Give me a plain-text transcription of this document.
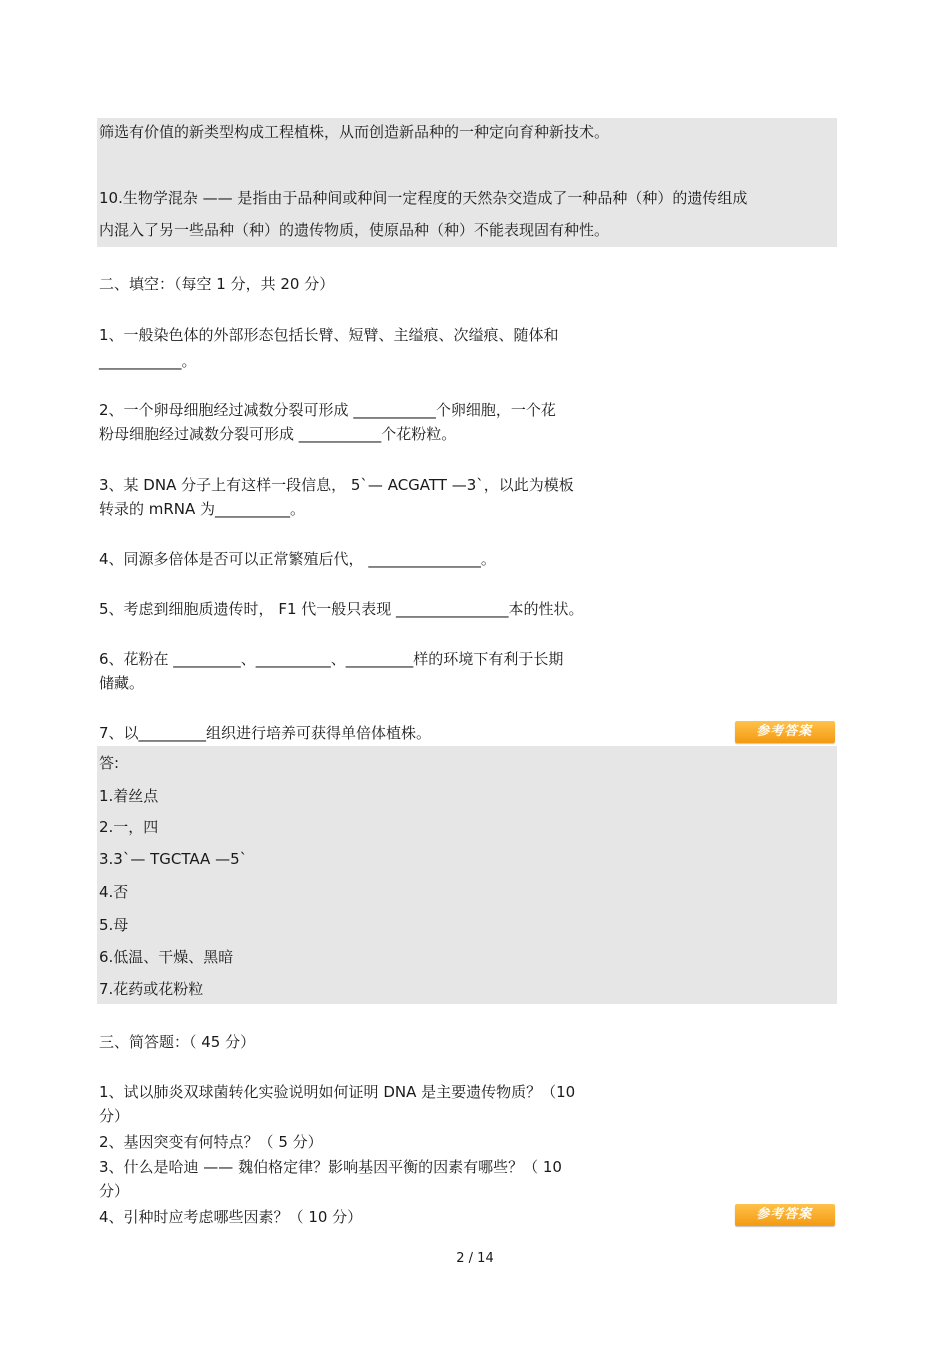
筛选有价值的新类型构成工程植株，从而创造新品种的一种定向育种新技术。
10.生物学混杂 —— 是指由于品种间或种间一定程度的天然杂交造成了一种品种（种）的遗传组成
内混入了另一些品种（种）的遗传物质，使原品种（种）不能表现固有种性。
二、填空：（每空 1 分，共 20 分）
1、一般染色体的外部形态包括长臂、短臂、主缢痕、次缢痕、随体和
___________。
2、一个卵母细胞经过减数分裂可形成 ___________个卵细胞，一个花
粉母细胞经过减数分裂可形成 ___________个花粉粒。
3、某 DNA 分子上有这样一段信息， 5`— ACGATT —3`，以此为模板
转录的 mRNA 为__________。
4、同源多倍体是否可以正常繁殖后代， _______________。
5、考虑到细胞质遗传时， F1 代一般只表现 _______________本的性状。
6、花粉在 _________、__________、_________样的环境下有利于长期
储藏。
7、以_________组织进行培养可获得单倍体植株。	参考答案
答:
1.着丝点
2.一，四
3.3`— TGCTAA —5`
4.否
5.母
6.低温、干燥、黑暗
7.花药或花粉粒
三、简答题：（ 45 分）
1、试以肺炎双球菌转化实验说明如何证明 DNA 是主要遗传物质？（10
分）
2、基因突变有何特点？（ 5 分）
3、什么是哈迪 —— 魏伯格定律？影响基因平衡的因素有哪些？（ 10
分）
4、引种时应考虑哪些因素？（ 10 分）	参考答案
2 / 14
